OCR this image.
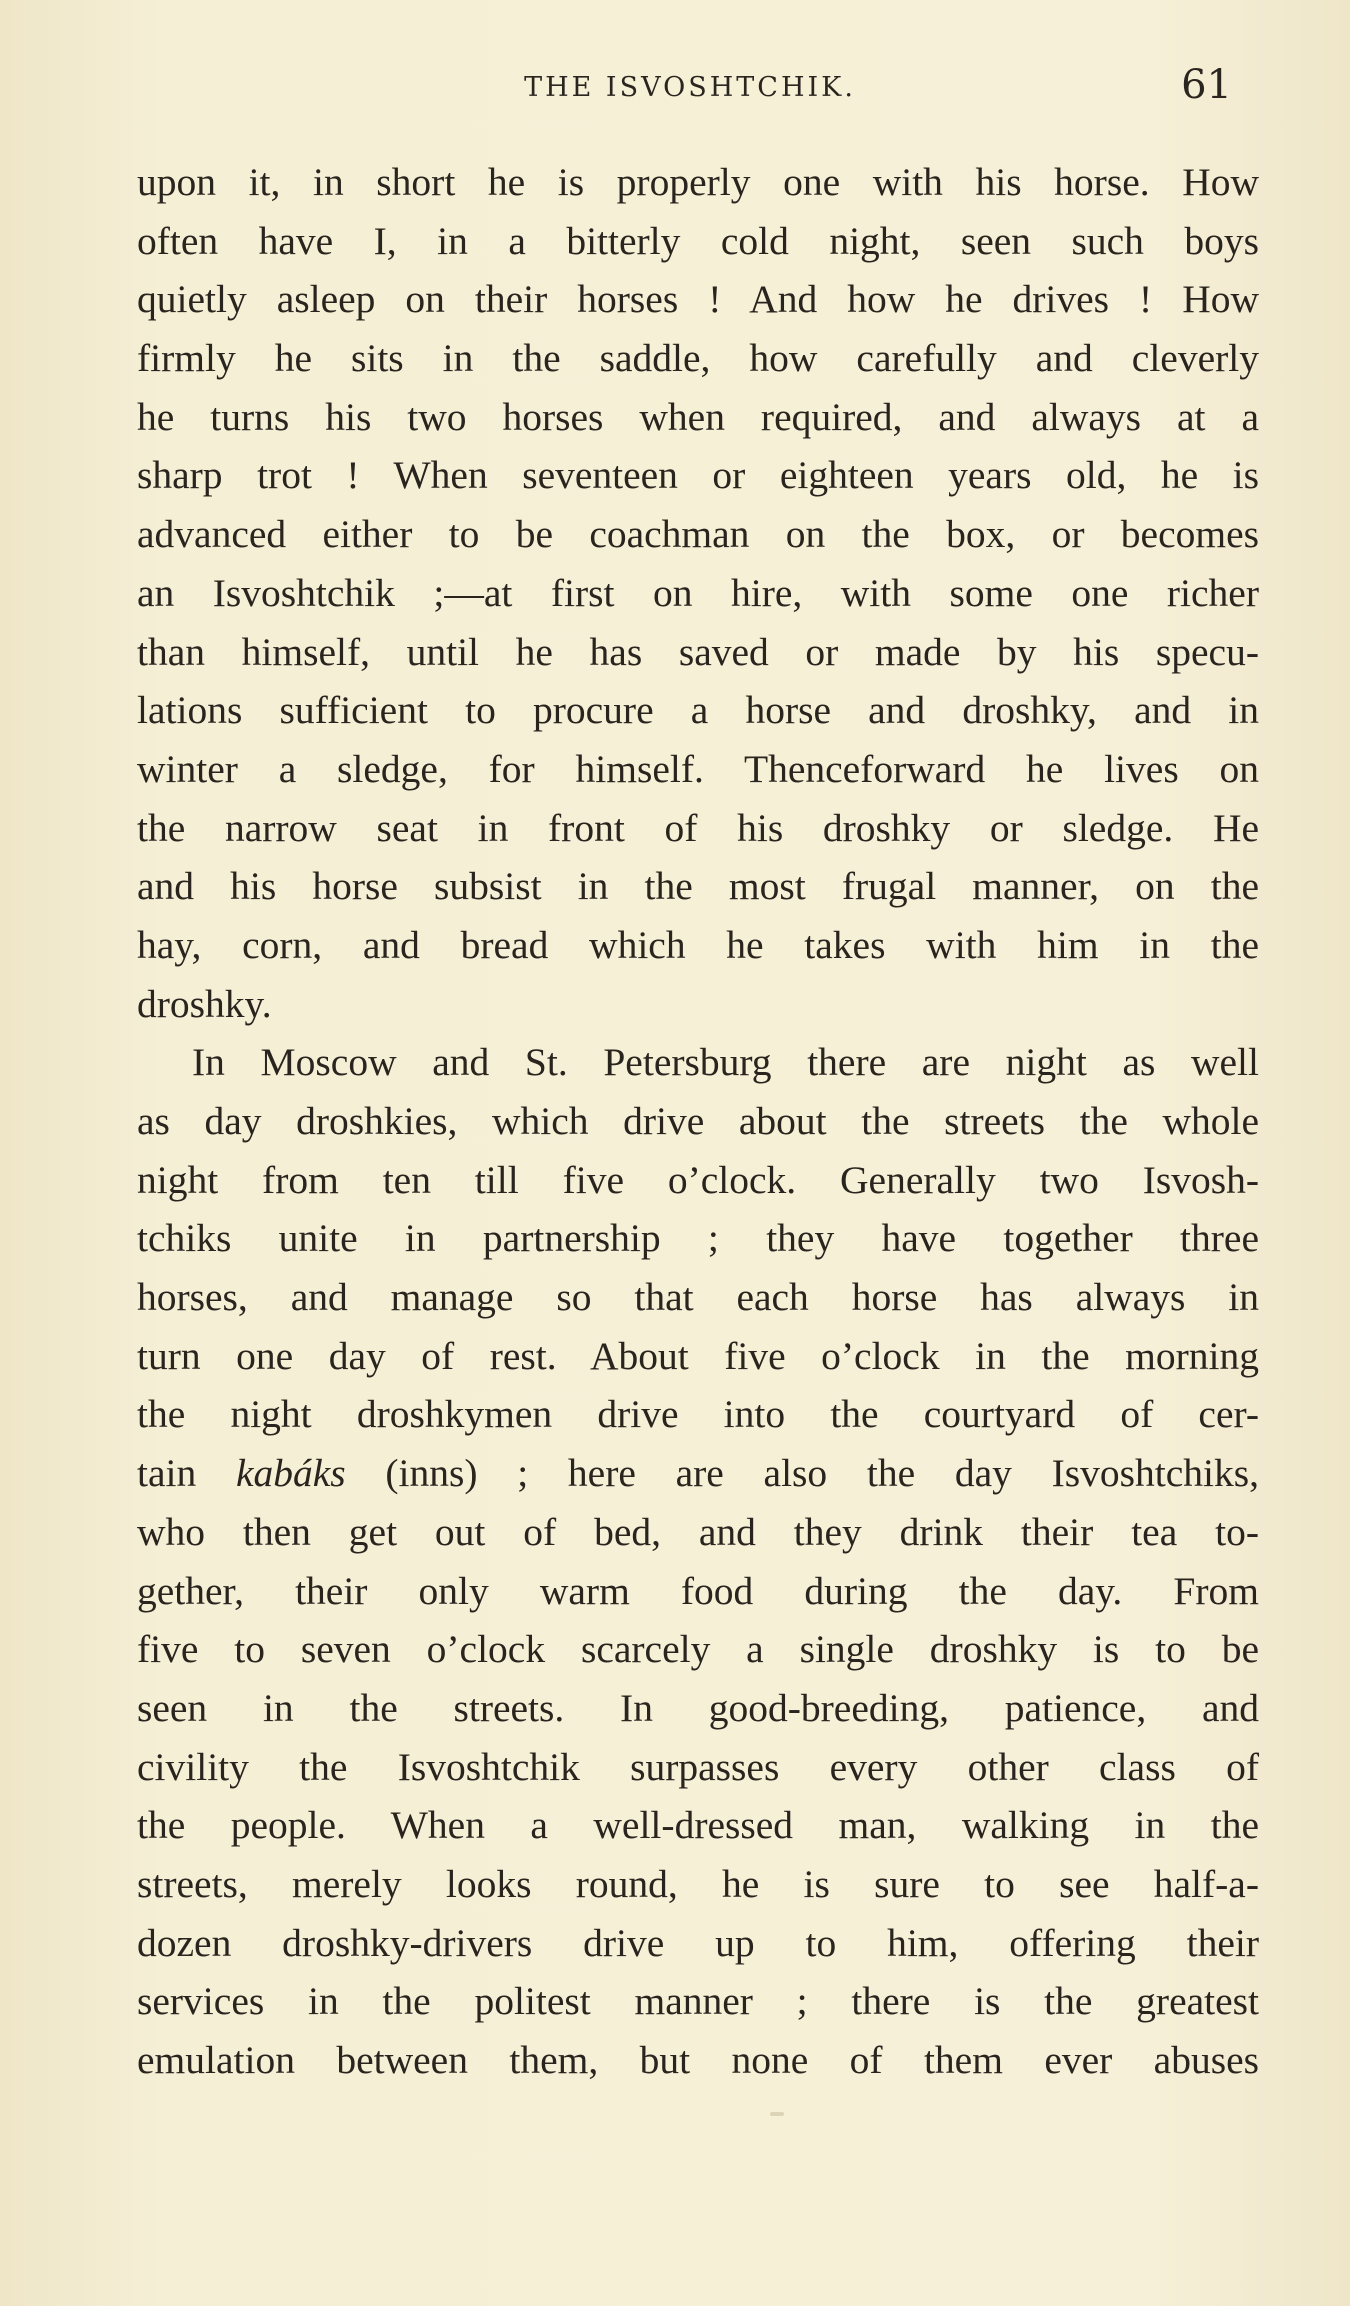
THE ISVOSHTCHIK.	61
upon it, in short he is properly one with his horse. How
often have I, in a bitterly cold night, seen such boys
quietly asleep on their horses ! And how he drives ! How
firmly he sits in the saddle, how carefully and cleverly
he turns his two horses when required, and always at a
sharp trot ! When seventeen or eighteen years old, he is
advanced either to be coachman on the box, or becomes
an Isvoshtchik ;—at first on hire, with some one richer
than himself, until he has saved or made by his specu-
lations sufficient to procure a horse and droshky, and in
winter a sledge, for himself. Thenceforward he lives on
the narrow seat in front of his droshky or sledge. He
and his horse subsist in the most frugal manner, on the
hay, corn, and bread which he takes with him in the
droshky.
In Moscow and St. Petersburg there are night as well
as day droshkies, which drive about the streets the whole
night from ten till five o’clock. Generally two Isvosh-
tchiks unite in partnership ; they have together three
horses, and manage so that each horse has always in
turn one day of rest. About five o’clock in the morning
the night droshkymen drive into the courtyard of cer-
tain kabáks (inns) ; here are also the day Isvoshtchiks,
who then get out of bed, and they drink their tea to-
gether, their only warm food during the day. From
five to seven o’clock scarcely a single droshky is to be
seen in the streets. In good-breeding, patience, and
civility the Isvoshtchik surpasses every other class of
the people. When a well-dressed man, walking in the
streets, merely looks round, he is sure to see half-a-
dozen droshky-drivers drive up to him, offering their
services in the politest manner ; there is the greatest
emulation between them, but none of them ever abuses
